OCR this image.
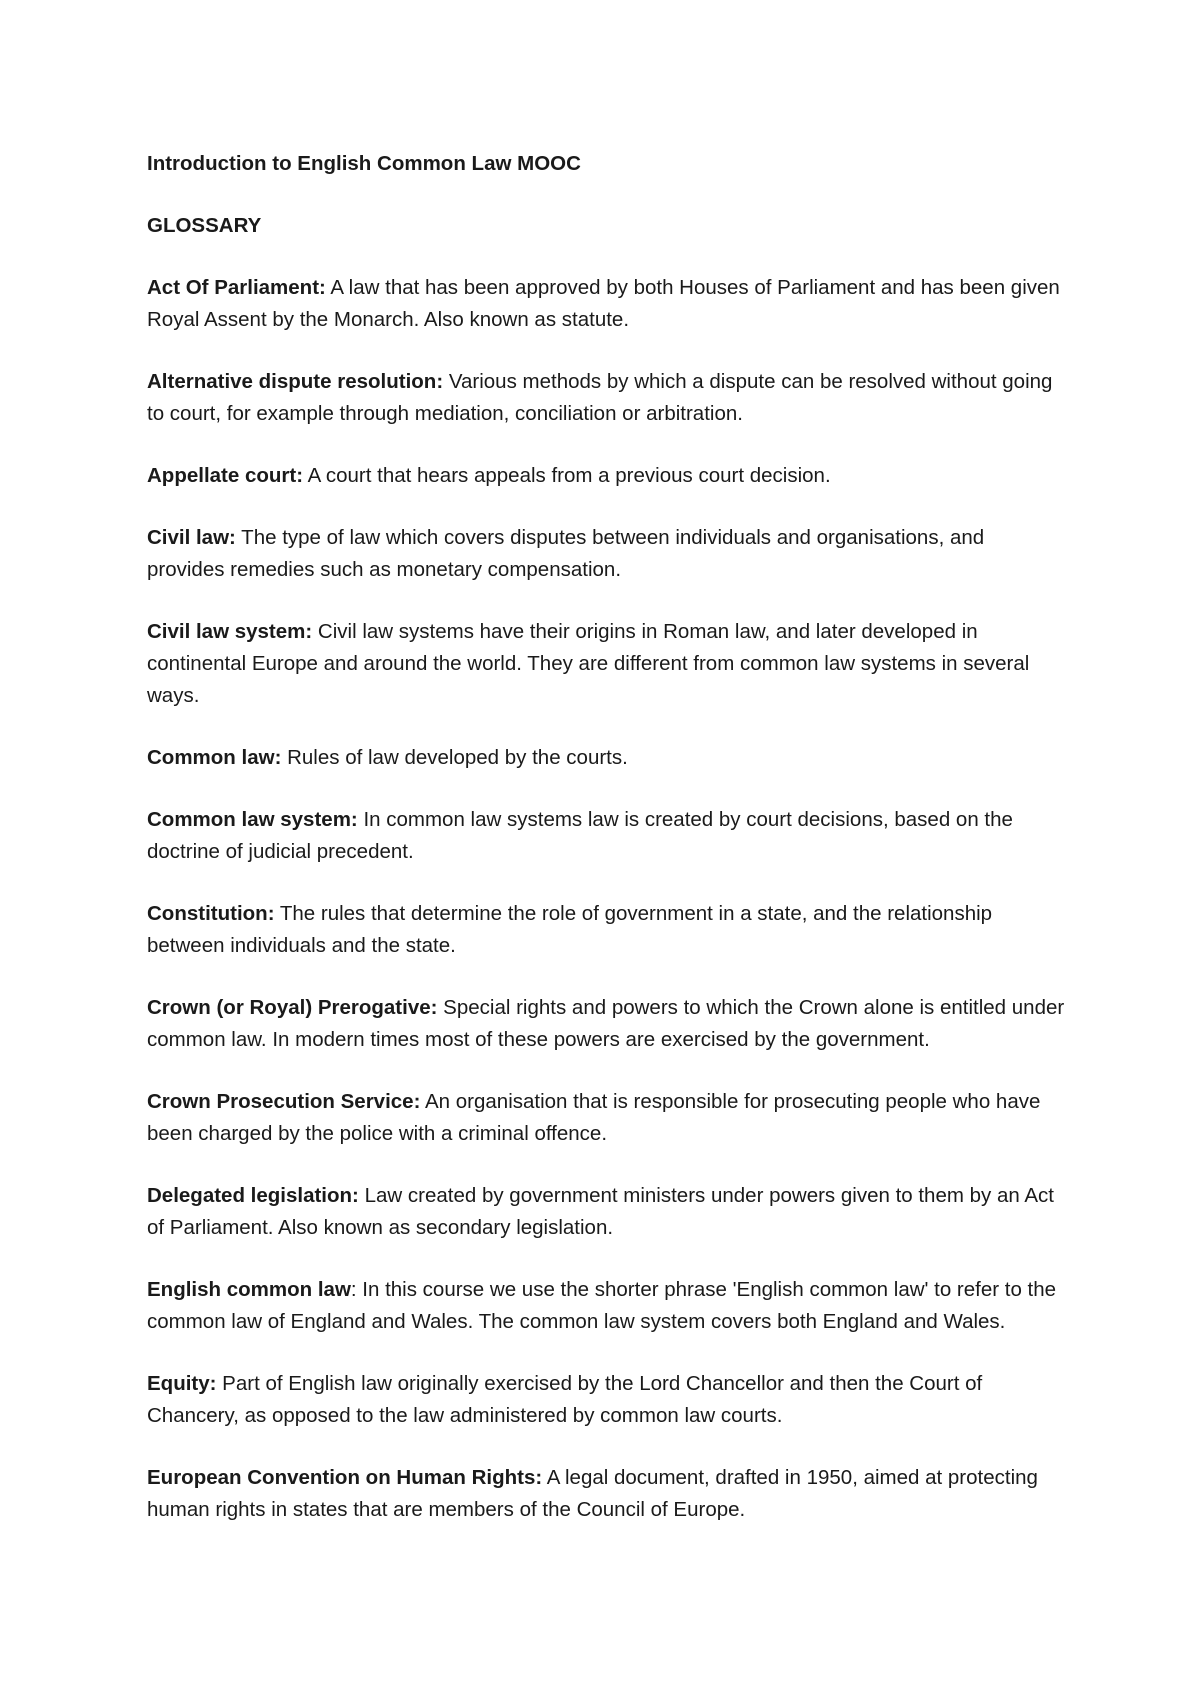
Introduction to English Common Law MOOC
GLOSSARY
Act Of Parliament: A law that has been approved by both Houses of Parliament and has been given Royal Assent by the Monarch. Also known as statute.
Alternative dispute resolution: Various methods by which a dispute can be resolved without going to court, for example through mediation, conciliation or arbitration.
Appellate court: A court that hears appeals from a previous court decision.
Civil law: The type of law which covers disputes between individuals and organisations, and provides remedies such as monetary compensation.
Civil law system: Civil law systems have their origins in Roman law, and later developed in continental Europe and around the world. They are different from common law systems in several ways.
Common law: Rules of law developed by the courts.
Common law system: In common law systems law is created by court decisions, based on the doctrine of judicial precedent.
Constitution: The rules that determine the role of government in a state, and the relationship between individuals and the state.
Crown (or Royal) Prerogative: Special rights and powers to which the Crown alone is entitled under common law. In modern times most of these powers are exercised by the government.
Crown Prosecution Service: An organisation that is responsible for prosecuting people who have been charged by the police with a criminal offence.
Delegated legislation: Law created by government ministers under powers given to them by an Act of Parliament. Also known as secondary legislation.
English common law: In this course we use the shorter phrase 'English common law' to refer to the common law of England and Wales. The common law system covers both England and Wales.
Equity: Part of English law originally exercised by the Lord Chancellor and then the Court of Chancery, as opposed to the law administered by common law courts.
European Convention on Human Rights: A legal document, drafted in 1950, aimed at protecting human rights in states that are members of the Council of Europe.
